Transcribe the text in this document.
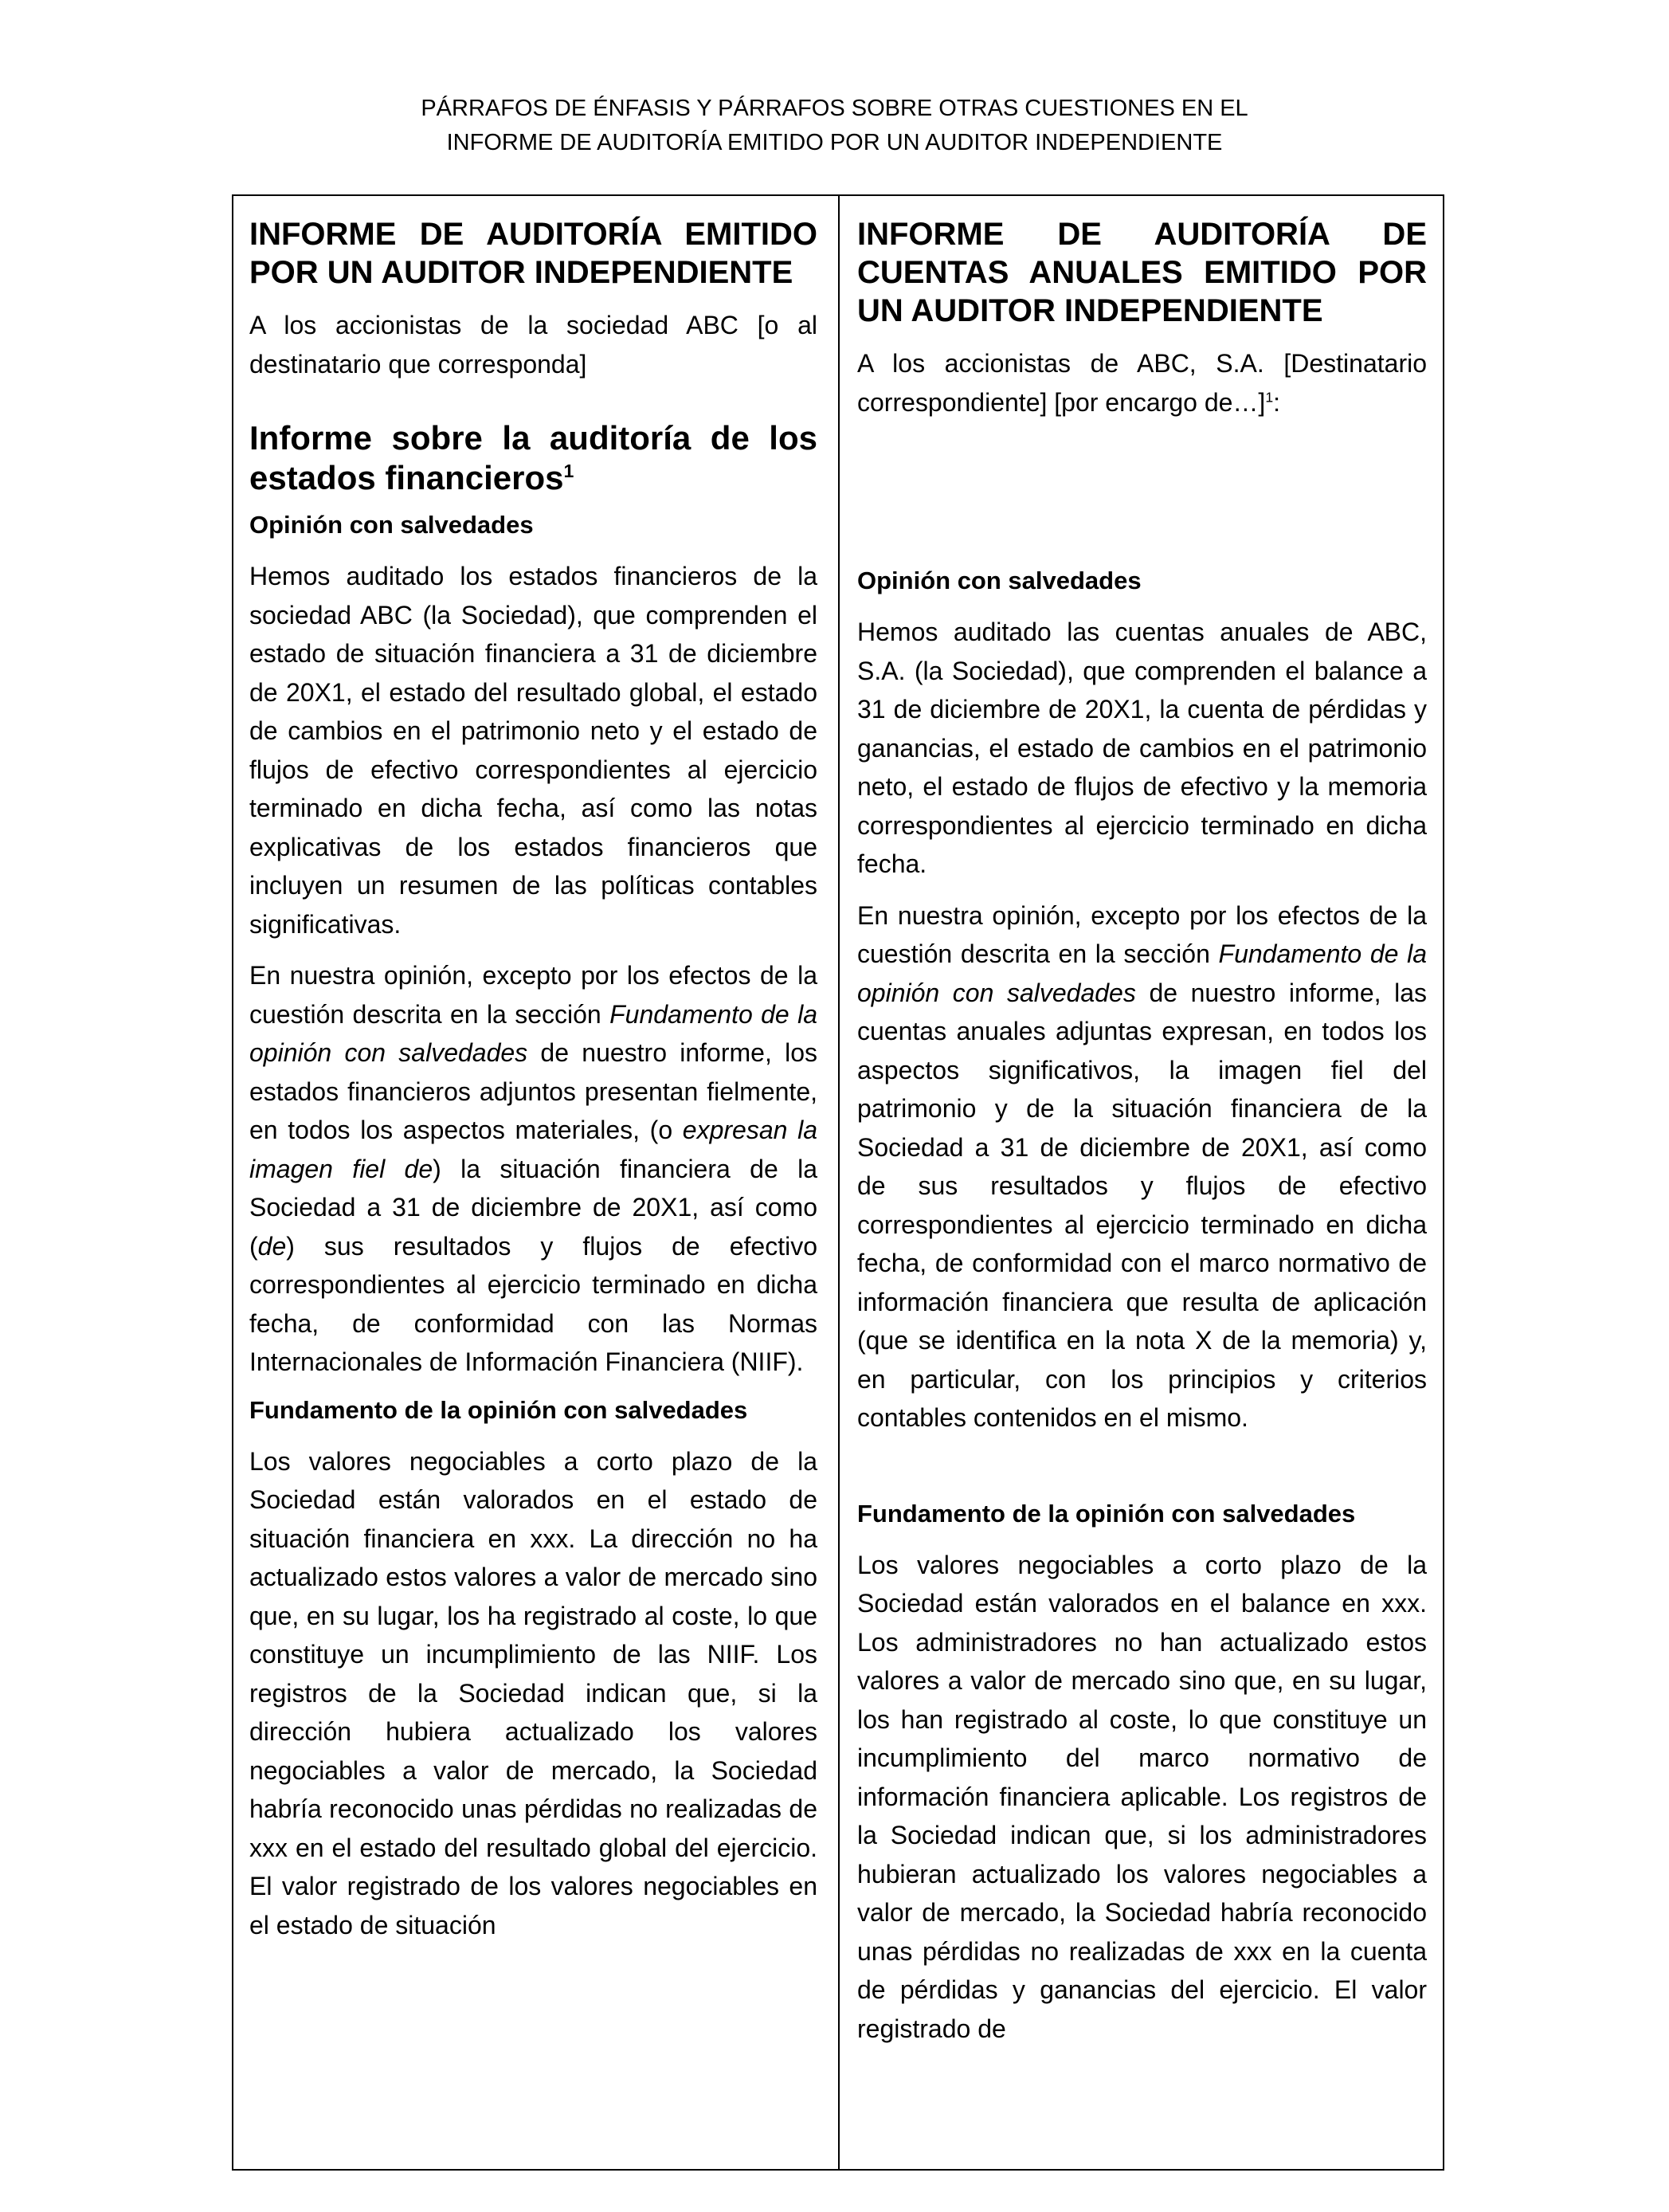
PÁRRAFOS DE ÉNFASIS Y PÁRRAFOS SOBRE OTRAS CUESTIONES EN EL
INFORME DE AUDITORÍA EMITIDO POR UN AUDITOR INDEPENDIENTE

INFORME DE AUDITORÍA EMITIDO POR UN AUDITOR INDEPENDIENTE

A los accionistas de la sociedad ABC [o al destinatario que corresponda]

Informe sobre la auditoría de los estados financieros$^1$

Opinión con salvedades

Hemos auditado los estados financieros de la sociedad ABC (la Sociedad), que comprenden el estado de situación financiera a 31 de diciembre de 20X1, el estado del resultado global, el estado de cambios en el patrimonio neto y el estado de flujos de efectivo correspondientes al ejercicio terminado en dicha fecha, así como las notas explicativas de los estados financieros que incluyen un resumen de las políticas contables significativas.

En nuestra opinión, excepto por los efectos de la cuestión descrita en la sección Fundamento de la opinión con salvedades de nuestro informe, los estados financieros adjuntos presentan fielmente, en todos los aspectos materiales, (o expresan la imagen fiel de) la situación financiera de la Sociedad a 31 de diciembre de 20X1, así como (de) sus resultados y flujos de efectivo correspondientes al ejercicio terminado en dicha fecha, de conformidad con las Normas Internacionales de Información Financiera (NIIF).

Fundamento de la opinión con salvedades

Los valores negociables a corto plazo de la Sociedad están valorados en el estado de situación financiera en xxx. La dirección no ha actualizado estos valores a valor de mercado sino que, en su lugar, los ha registrado al coste, lo que constituye un incumplimiento de las NIIF. Los registros de la Sociedad indican que, si la dirección hubiera actualizado los valores negociables a valor de mercado, la Sociedad habría reconocido unas pérdidas no realizadas de xxx en el estado del resultado global del ejercicio. El valor registrado de los valores negociables en el estado de situación

INFORME DE AUDITORÍA DE CUENTAS ANUALES EMITIDO POR UN AUDITOR INDEPENDIENTE

A los accionistas de ABC, S.A. [Destinatario correspondiente] [por encargo de…]$^1$:

Opinión con salvedades

Hemos auditado las cuentas anuales de ABC, S.A. (la Sociedad), que comprenden el balance a 31 de diciembre de 20X1, la cuenta de pérdidas y ganancias, el estado de cambios en el patrimonio neto, el estado de flujos de efectivo y la memoria correspondientes al ejercicio terminado en dicha fecha.

En nuestra opinión, excepto por los efectos de la cuestión descrita en la sección Fundamento de la opinión con salvedades de nuestro informe, las cuentas anuales adjuntas expresan, en todos los aspectos significativos, la imagen fiel del patrimonio y de la situación financiera de la Sociedad a 31 de diciembre de 20X1, así como de sus resultados y flujos de efectivo correspondientes al ejercicio terminado en dicha fecha, de conformidad con el marco normativo de información financiera que resulta de aplicación (que se identifica en la nota X de la memoria) y, en particular, con los principios y criterios contables contenidos en el mismo.

Fundamento de la opinión con salvedades

Los valores negociables a corto plazo de la Sociedad están valorados en el balance en xxx. Los administradores no han actualizado estos valores a valor de mercado sino que, en su lugar, los han registrado al coste, lo que constituye un incumplimiento del marco normativo de información financiera aplicable. Los registros de la Sociedad indican que, si los administradores hubieran actualizado los valores negociables a valor de mercado, la Sociedad habría reconocido unas pérdidas no realizadas de xxx en la cuenta de pérdidas y ganancias del ejercicio. El valor registrado de
